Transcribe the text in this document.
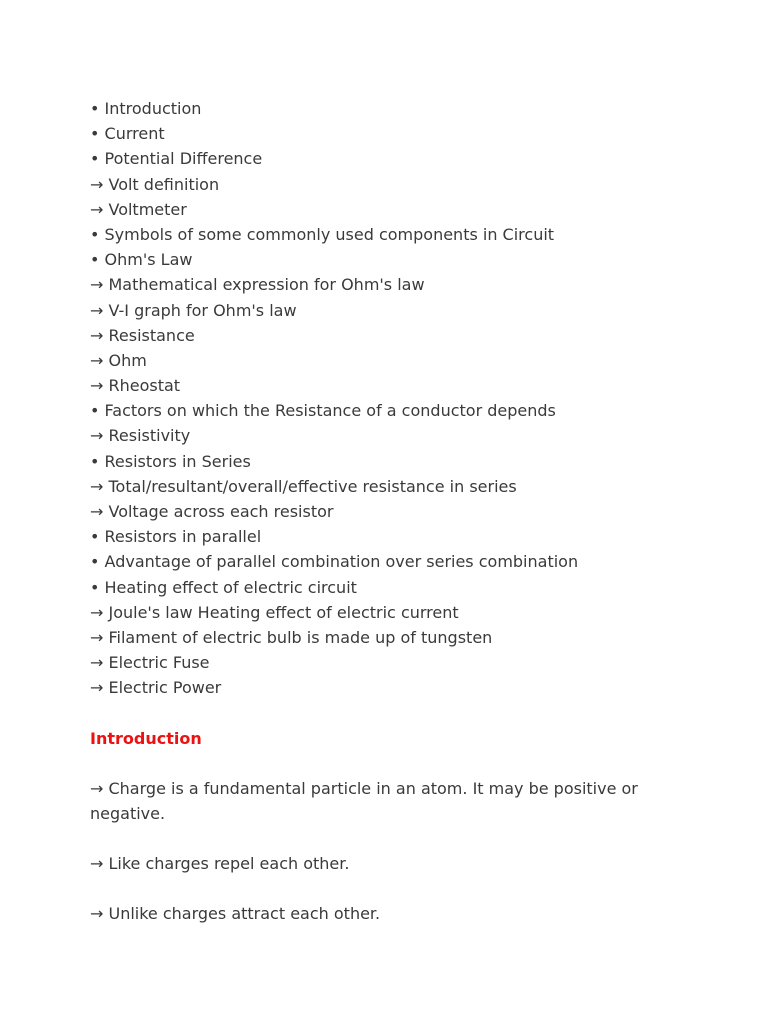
• Introduction
• Current
• Potential Difference
→ Volt definition
→ Voltmeter
• Symbols of some commonly used components in Circuit
• Ohm's Law
→ Mathematical expression for Ohm's law
→ V-I graph for Ohm's law
→ Resistance
→ Ohm
→ Rheostat
• Factors on which the Resistance of a conductor depends
→ Resistivity
• Resistors in Series
→ Total/resultant/overall/effective resistance in series
→ Voltage across each resistor
• Resistors in parallel
• Advantage of parallel combination over series combination
• Heating effect of electric circuit
→ Joule's law Heating effect of electric current
→ Filament of electric bulb is made up of tungsten
→ Electric Fuse
→ Electric Power
Introduction

→ Charge is a fundamental particle in an atom. It may be positive or negative.

→ Like charges repel each other.

→ Unlike charges attract each other.
